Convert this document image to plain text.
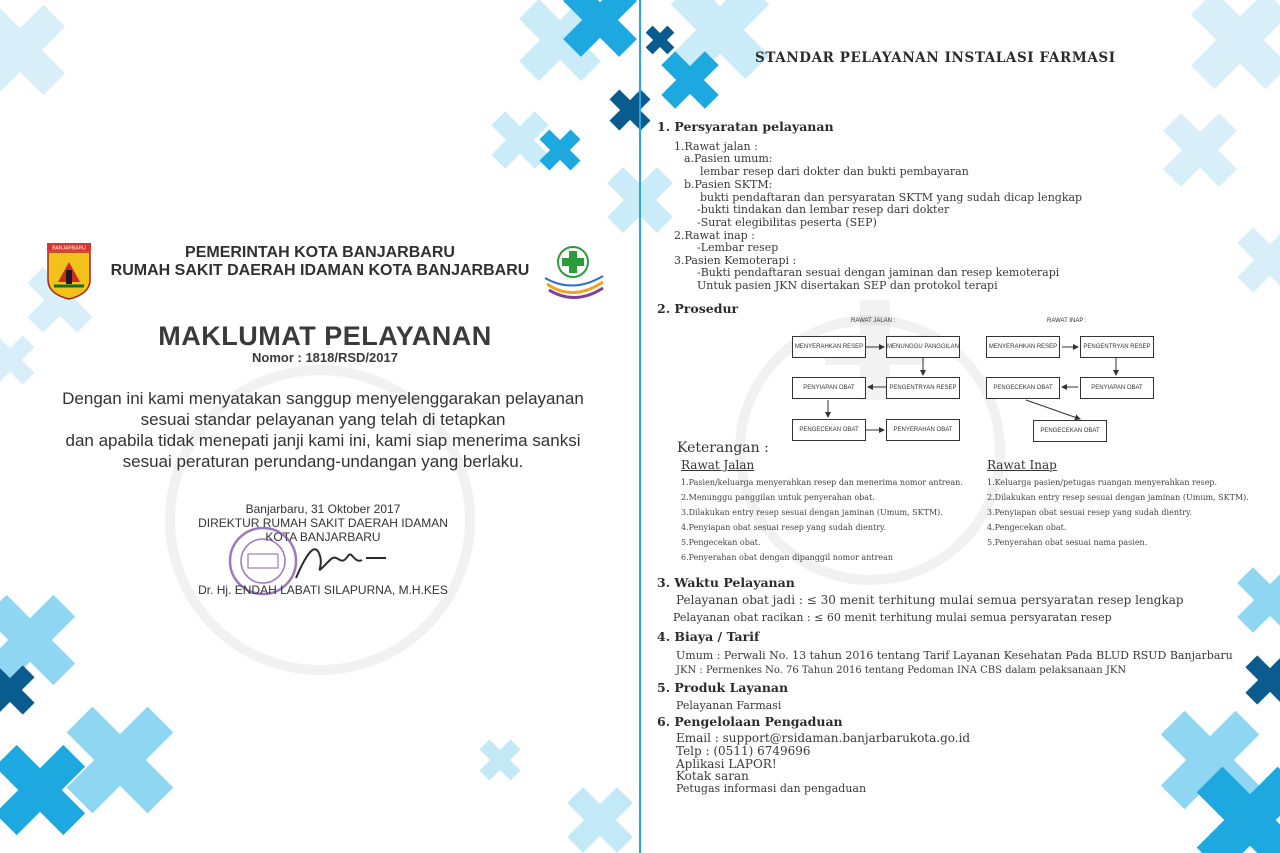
BANJARBARU	PEMERINTAH KOTA BANJARBARU
RUMAH SAKIT DAERAH IDAMAN KOTA BANJARBARU
MAKLUMAT PELAYANAN
Nomor : 1818/RSD/2017
Dengan ini kami menyatakan sanggup menyelenggarakan pelayanan
sesuai standar pelayanan yang telah di tetapkan
dan apabila tidak menepati janji kami ini, kami siap menerima sanksi
sesuai peraturan perundang-undangan yang berlaku.
Banjarbaru, 31 Oktober 2017
DIREKTUR RUMAH SAKIT DAERAH IDAMAN
KOTA BANJARBARU
Dr. Hj. ENDAH LABATI SILAPURNA, M.H.KES
STANDAR PELAYANAN INSTALASI FARMASI
1. Persyaratan pelayanan
1.Rawat jalan :
a.Pasien umum:
lembar resep dari dokter dan bukti pembayaran
b.Pasien SKTM:
bukti pendaftaran dan persyaratan SKTM yang sudah dicap lengkap
-bukti tindakan dan lembar resep dari dokter
-Surat elegibilitas peserta (SEP)
2.Rawat inap :
-Lembar resep
3.Pasien Kemoterapi :
-Bukti pendaftaran sesuai dengan jaminan dan resep kemoterapi
Untuk pasien JKN disertakan SEP dan protokol terapi
2. Prosedur
RAWAT JALAN :
MENYERAHKAN RESEP	MENUNGGU PANGGILAN
PENYIAPAN OBAT	PENGENTRYAN RESEP
PENGECEKAN OBAT	PENYERAHAN OBAT
RAWAT INAP :
MENYERAHKAN RESEP	PENGENTRYAN RESEP
PENGECEKAN OBAT	PENYIAPAN OBAT
PENGECEKAN OBAT
Keterangan :
Rawat Jalan	Rawat Inap
1.Pasien/keluarga menyerahkan resep dan menerima nomor antrean.
2.Menunggu panggilan untuk penyerahan obat.
3.Dilakukan entry resep sesuai dengan jaminan (Umum, SKTM).
4.Penyiapan obat sesuai resep yang sudah dientry.
5.Pengecekan obat.
6.Penyerahan obat dengan dipanggil nomor antrean
1.Keluarga pasien/petugas ruangan menyerahkan resep.
2.Dilakukan entry resep sesuai dengan jaminan (Umum, SKTM).
3.Penyiapan obat sesuai resep yang sudah dientry.
4.Pengecekan obat.
5.Penyerahan obat sesuai nama pasien.
3. Waktu Pelayanan
Pelayanan obat jadi : ≤ 30 menit terhitung mulai semua persyaratan resep lengkap
Pelayanan obat racikan : ≤ 60 menit terhitung mulai semua persyaratan resep
4. Biaya / Tarif
Umum : Perwali No. 13 tahun 2016 tentang Tarif Layanan Kesehatan Pada BLUD RSUD Banjarbaru
JKN : Permenkes No. 76 Tahun 2016 tentang Pedoman INA CBS dalam pelaksanaan JKN
5. Produk Layanan
Pelayanan Farmasi
6. Pengelolaan Pengaduan
Email : support@rsidaman.banjarbarukota.go.id
Telp : (0511) 6749696
Aplikasi LAPOR!
Kotak saran
Petugas informasi dan pengaduan
